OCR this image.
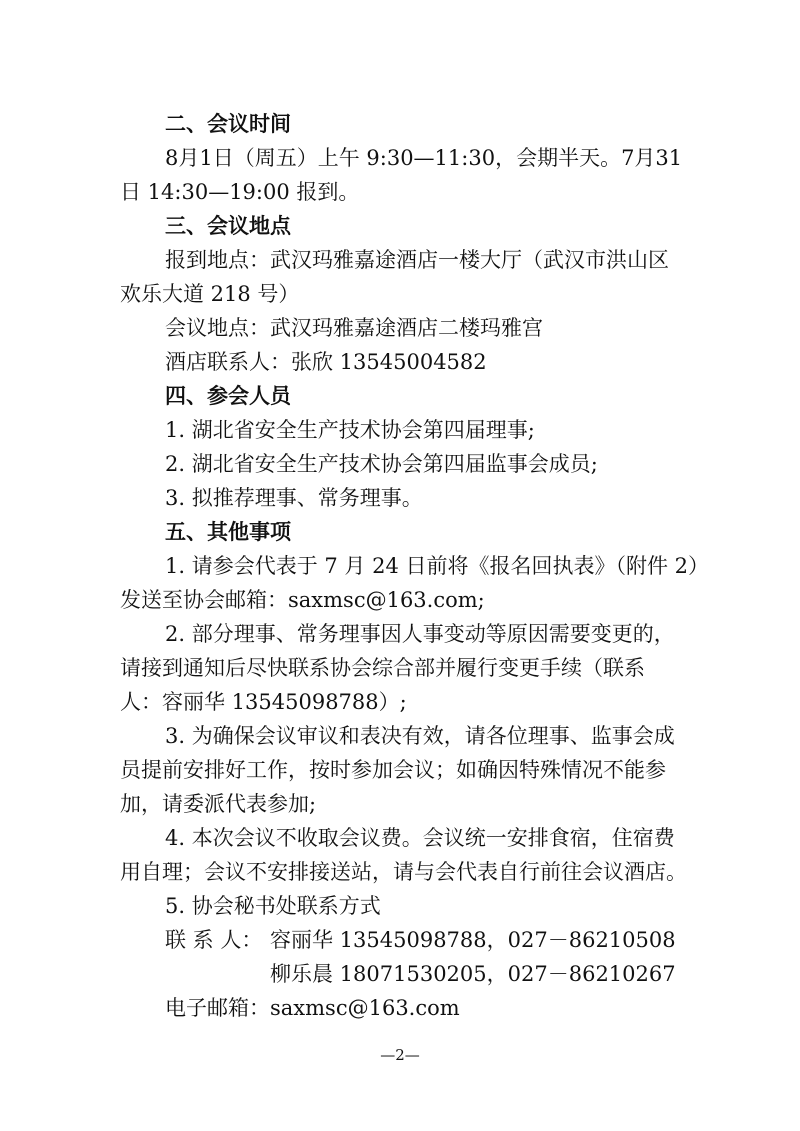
二、会议时间
8月1日（周五）上午 9:30—11:30，会期半天。7月31
日 14:30—19:00 报到。
三、会议地点
报到地点：武汉玛雅嘉途酒店一楼大厅（武汉市洪山区
欢乐大道 218 号）
会议地点：武汉玛雅嘉途酒店二楼玛雅宫
酒店联系人：张欣 13545004582
四、参会人员
1. 湖北省安全生产技术协会第四届理事;
2. 湖北省安全生产技术协会第四届监事会成员;
3. 拟推荐理事、常务理事。
五、其他事项
1. 请参会代表于 7 月 24 日前将《报名回执表》（附件 2）
发送至协会邮箱：saxmsc@163.com;
2. 部分理事、常务理事因人事变动等原因需要变更的，
请接到通知后尽快联系协会综合部并履行变更手续（联系
人：容丽华 13545098788）;
3. 为确保会议审议和表决有效，请各位理事、监事会成
员提前安排好工作，按时参加会议；如确因特殊情况不能参
加，请委派代表参加;
4. 本次会议不收取会议费。会议统一安排食宿，住宿费
用自理；会议不安排接送站，请与会代表自行前往会议酒店。
5. 协会秘书处联系方式
联 系 人： 容丽华 13545098788，027－86210508
柳乐晨 18071530205，027－86210267
电子邮箱：saxmsc@163.com
—2—
